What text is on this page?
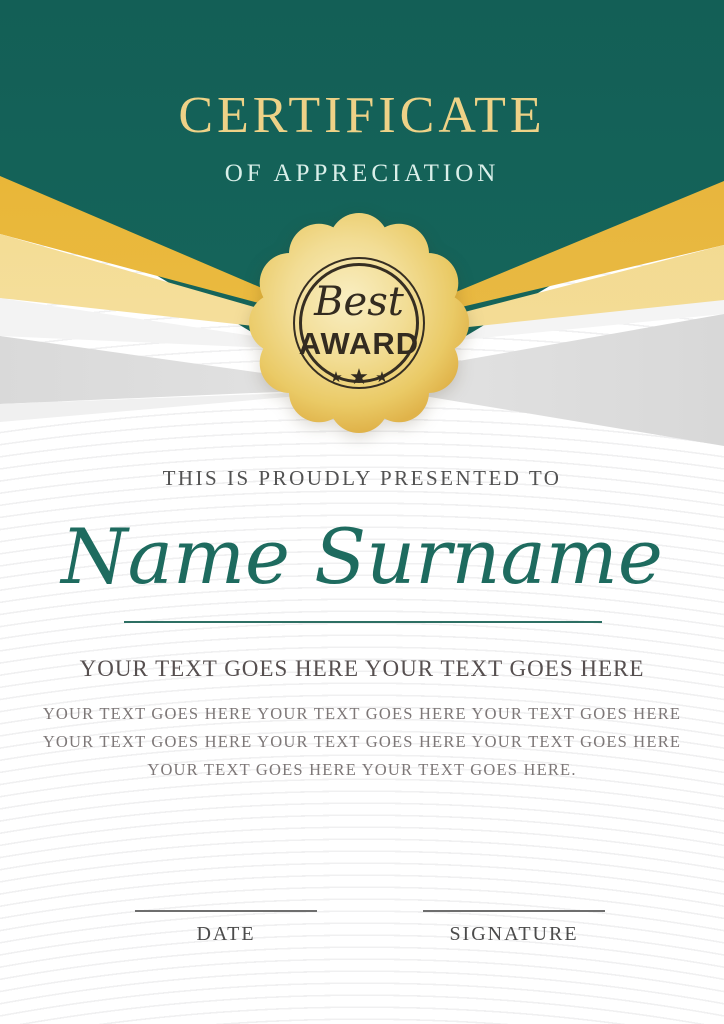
Best
AWARD
★ ★ ★
CERTIFICATE
OF APPRECIATION
THIS IS PROUDLY PRESENTED TO
Name Surname
YOUR TEXT GOES HERE YOUR TEXT GOES HERE
YOUR TEXT GOES HERE YOUR TEXT GOES HERE YOUR TEXT GOES HERE
YOUR TEXT GOES HERE YOUR TEXT GOES HERE YOUR TEXT GOES HERE
YOUR TEXT GOES HERE YOUR TEXT GOES HERE.
DATE	SIGNATURE
